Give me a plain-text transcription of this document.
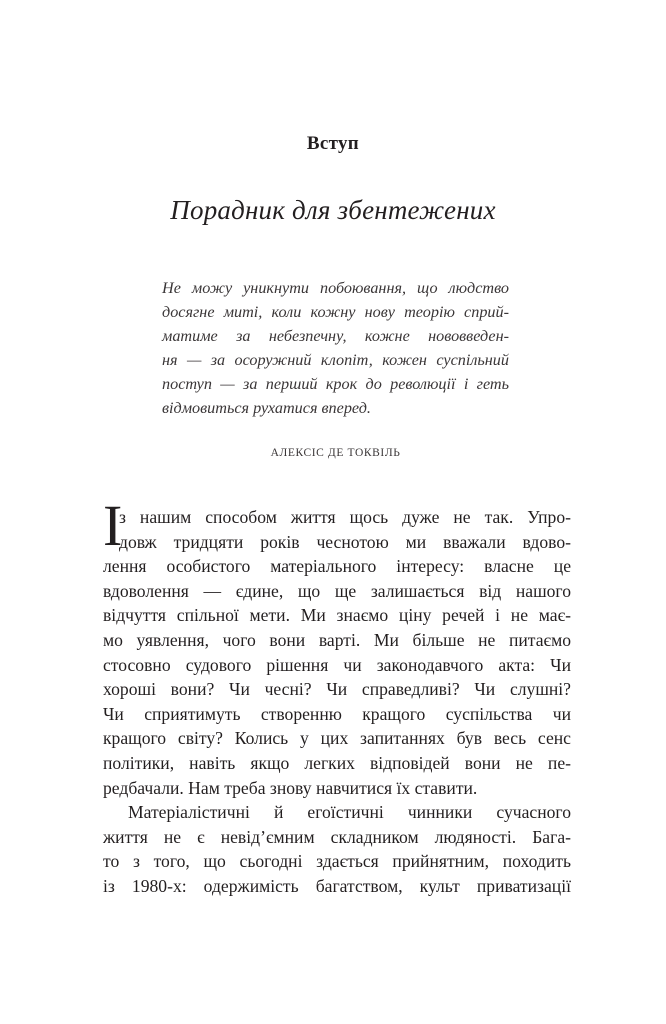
Вступ
Порадник для збентежених
Не можу уникнути побоювання, що людство
досягне миті, коли кожну нову теорію сприй-
матиме за небезпечну, кожне нововведен-
ня — за осоружний клопіт, кожен суспільний
поступ — за перший крок до революції і геть
відмовиться рухатися вперед.
АЛЕКСІС ДЕ ТОКВІЛЬ
І
з нашим способом життя щось дуже не так. Упро-
довж тридцяти років чеснотою ми вважали вдово-
лення особистого матеріального інтересу: власне це
вдоволення — єдине, що ще залишається від нашого
відчуття спільної мети. Ми знаємо ціну речей і не має-
мо уявлення, чого вони варті. Ми більше не питаємо
стосовно судового рішення чи законодавчого акта: Чи
хороші вони? Чи чесні? Чи справедливі? Чи слушні?
Чи сприятимуть створенню кращого суспільства чи
кращого світу? Колись у цих запитаннях був весь сенс
політики, навіть якщо легких відповідей вони не пе-
редбачали. Нам треба знову навчитися їх ставити.
Матеріалістичні й егоїстичні чинники сучасного
життя не є невід’ємним складником людяності. Бага-
то з того, що сьогодні здається прийнятним, походить
із 1980-х: одержимість багатством, культ приватизації
